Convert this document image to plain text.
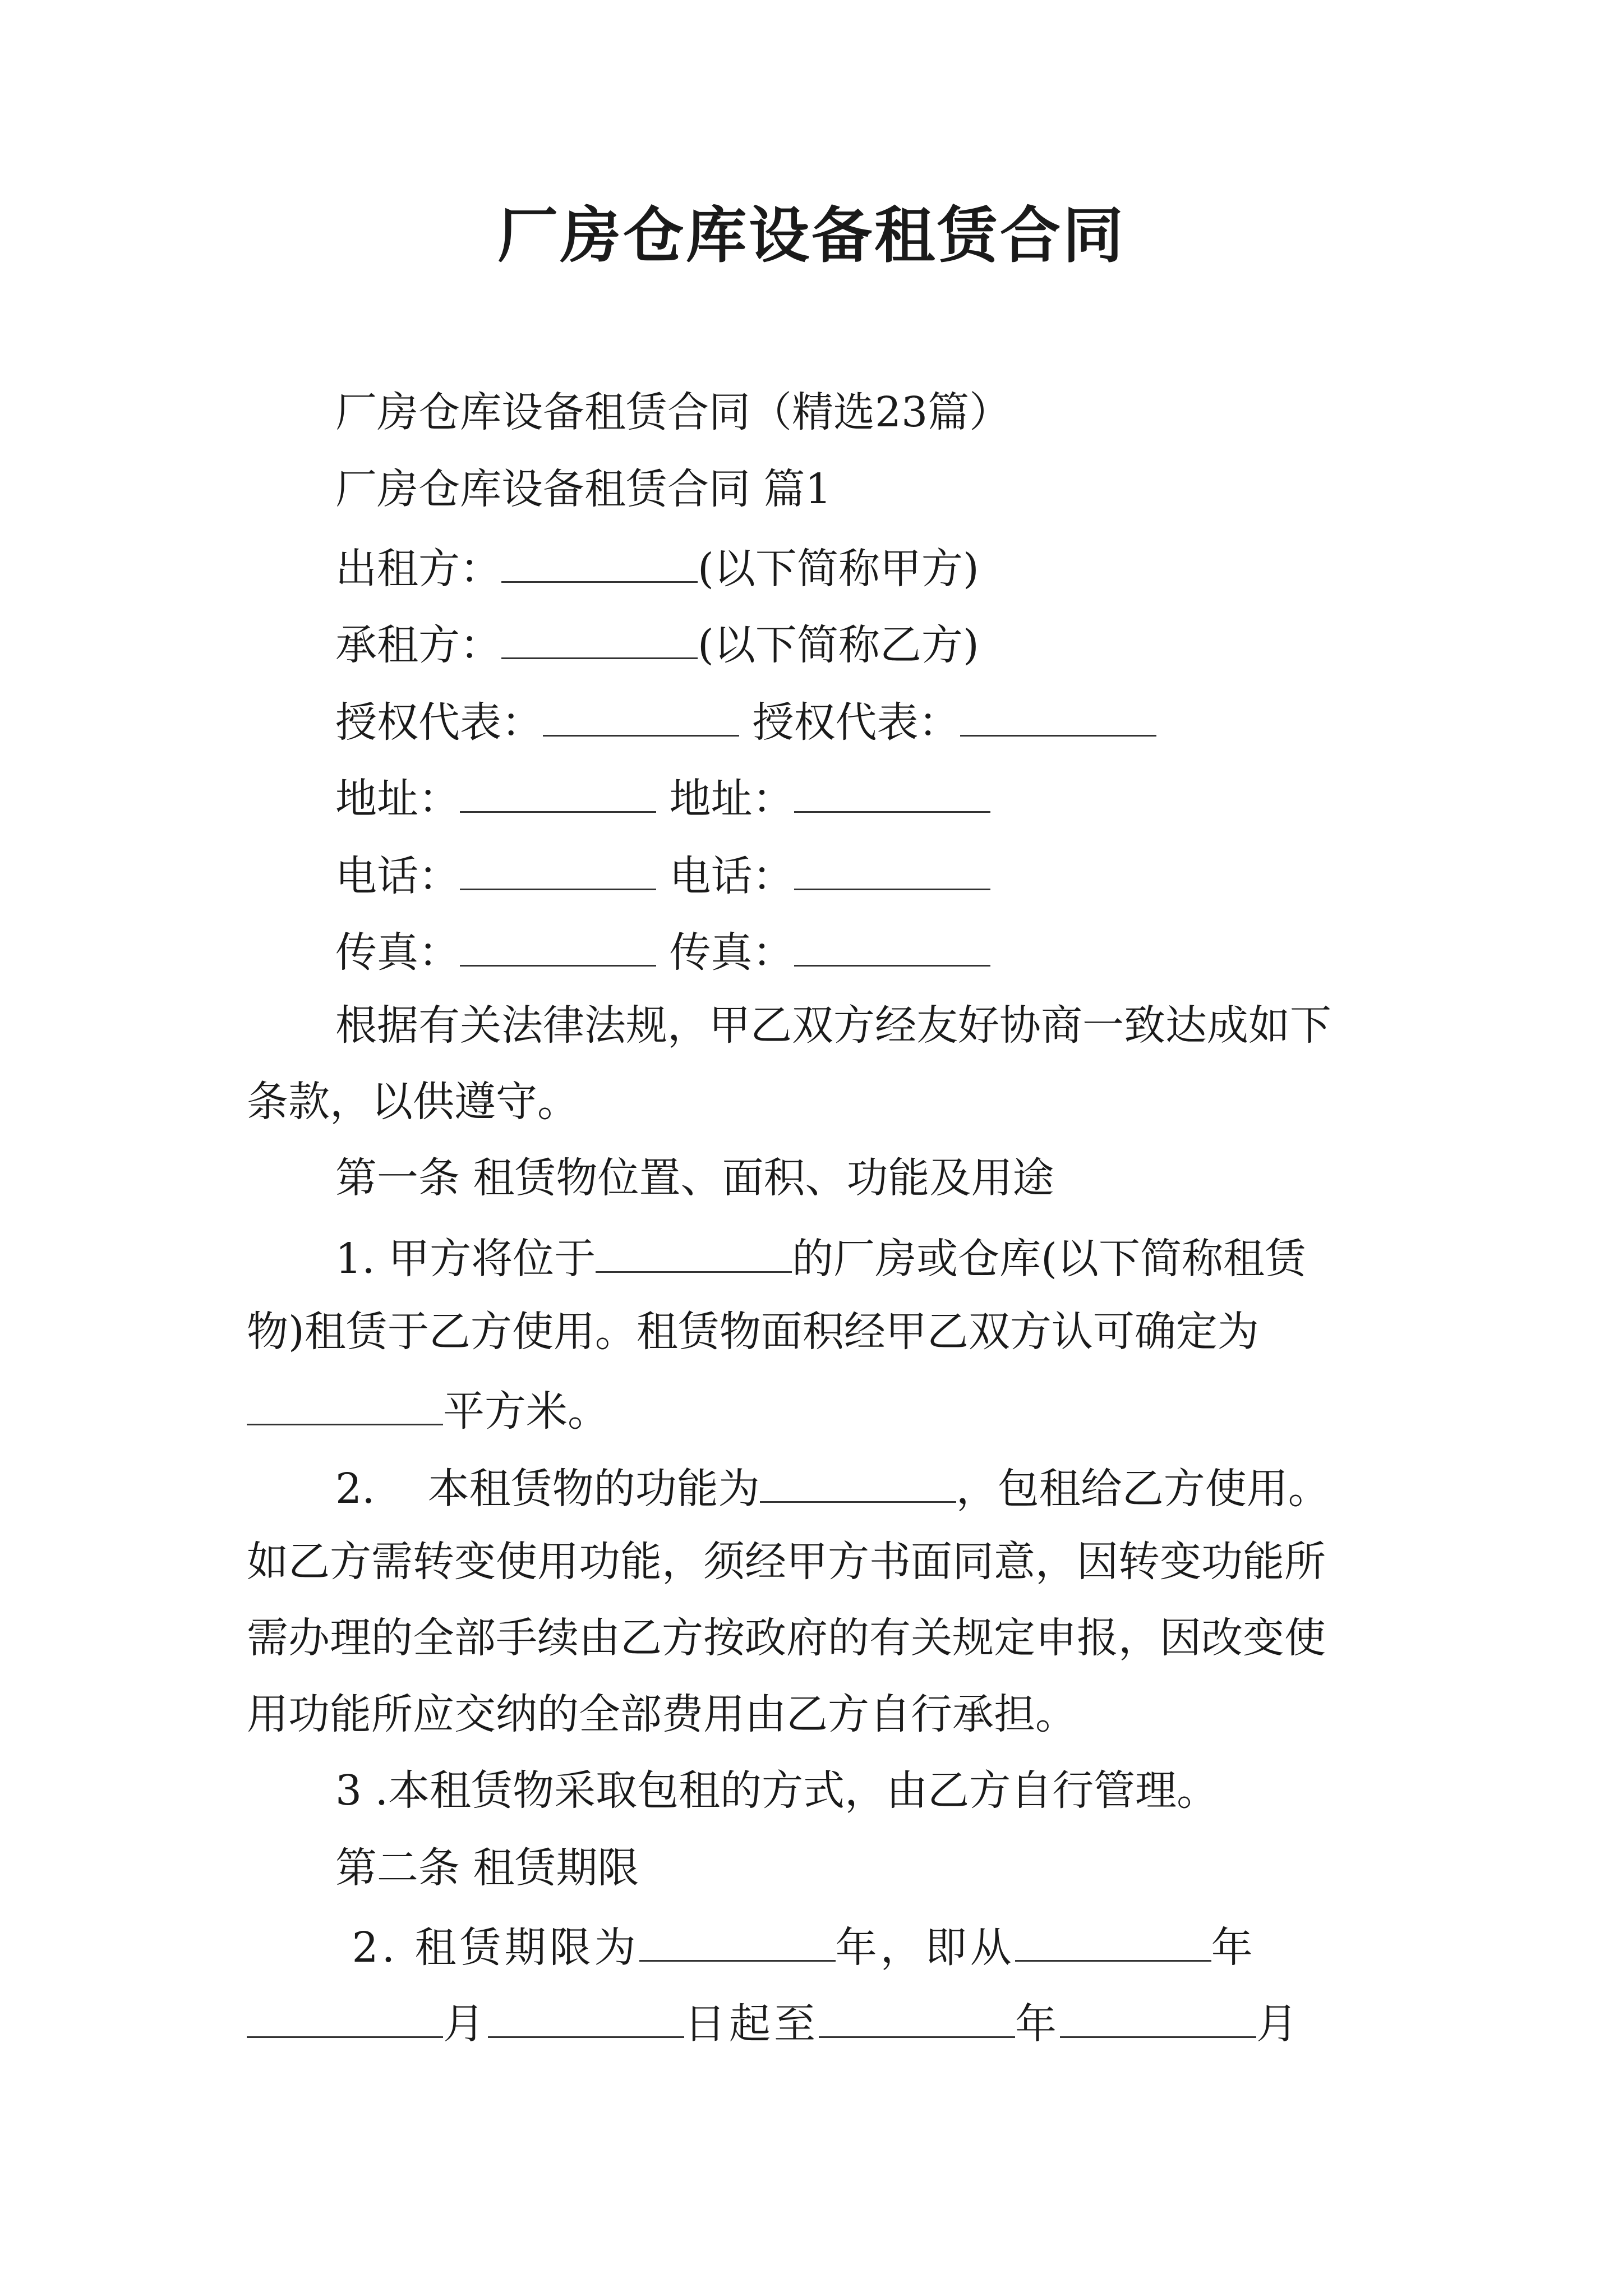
厂房仓库设备租赁合同
厂房仓库设备租赁合同（精选23篇）
厂房仓库设备租赁合同 篇1
出租方：	(以下简称甲方)
承租方：	(以下简称乙方)
授权代表：	授权代表：
地址：	地址：
电话：	电话：
传真：	传真：
根据有关法律法规，甲乙双方经友好协商一致达成如下
条款，以供遵守。
第一条 租赁物位置、面积、功能及用途
1. 甲方将位于	的厂房或仓库(以下简称租赁
物)租赁于乙方使用。租赁物面积经甲乙双方认可确定为
平方米。
2.    本租赁物的功能为	，包租给乙方使用。
如乙方需转变使用功能，须经甲方书面同意，因转变功能所
需办理的全部手续由乙方按政府的有关规定申报，因改变使
用功能所应交纳的全部费用由乙方自行承担。
3 .本租赁物采取包租的方式，由乙方自行管理。
第二条 租赁期限
2. 租赁期限为	年，即从	年
月	日起至	年	月
